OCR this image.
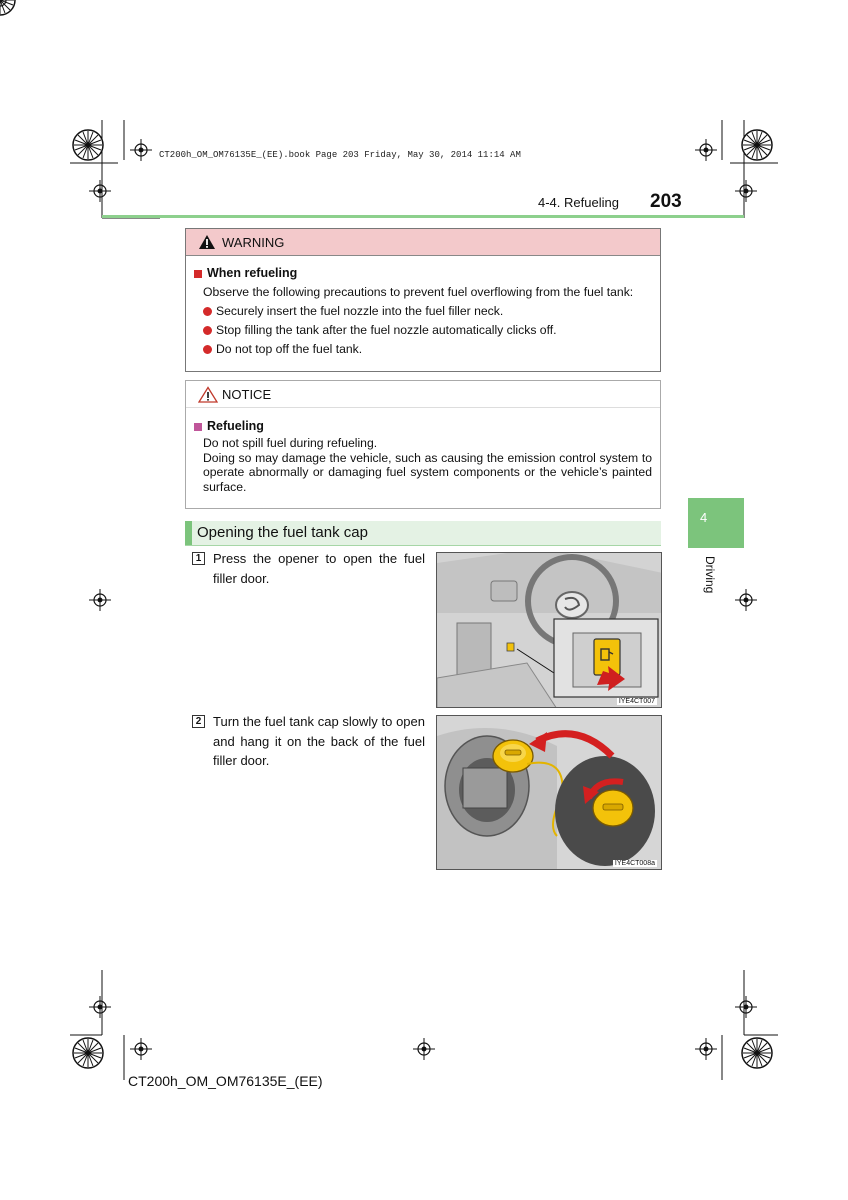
CT200h_OM_OM76135E_(EE).book Page 203 Friday, May 30, 2014 11:14 AM
4-4. Refueling 203
WARNING
When refueling
Observe the following precautions to prevent fuel overflowing from the fuel tank:
Securely insert the fuel nozzle into the fuel filler neck.
Stop filling the tank after the fuel nozzle automatically clicks off.
Do not top off the fuel tank.
NOTICE
Refueling
Do not spill fuel during refueling.
Doing so may damage the vehicle, such as causing the emission control system to operate abnormally or damaging fuel system components or the vehicle’s painted surface.
Opening the fuel tank cap
1 Press the opener to open the fuel filler door.
IYE4CT007
2 Turn the fuel tank cap slowly to open and hang it on the back of the fuel filler door.
IYE4CT008a
4
Driving
CT200h_OM_OM76135E_(EE)
